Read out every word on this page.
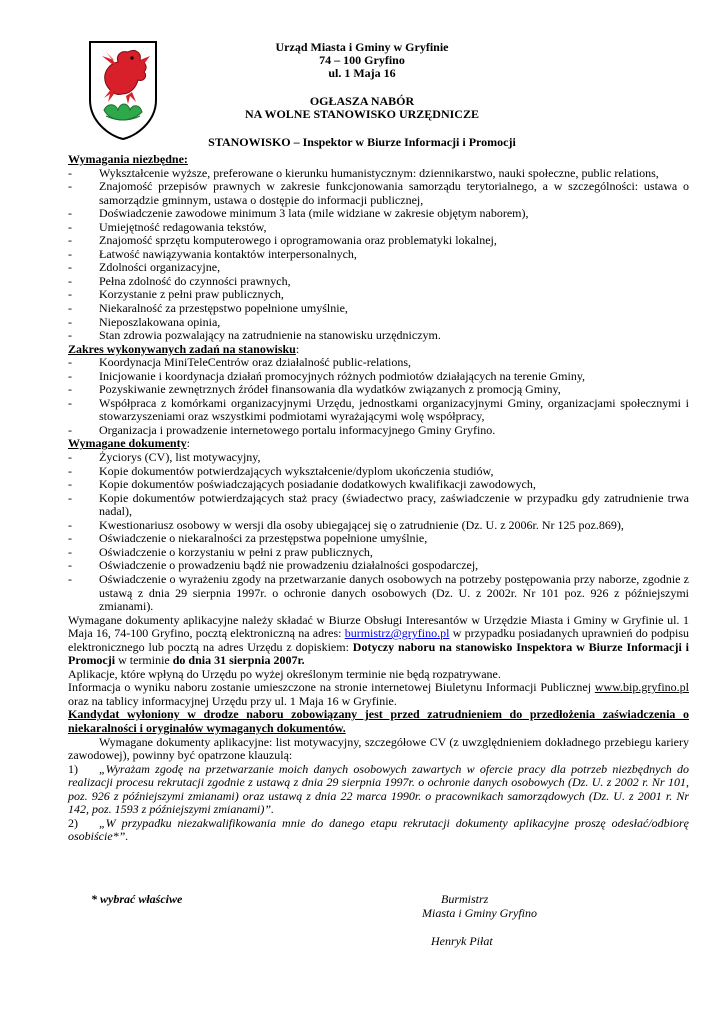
Urząd Miasta i Gminy w Gryfinie
74 – 100 Gryfino
ul. 1 Maja 16
OGŁASZA NABÓR
NA WOLNE STANOWISKO URZĘDNICZE
STANOWISKO – Inspektor w Biurze Informacji i Promocji
Wymagania niezbędne:
- Wykształcenie wyższe, preferowane o kierunku humanistycznym: dziennikarstwo, nauki społeczne, public relations,
- Znajomość przepisów prawnych w zakresie funkcjonowania samorządu terytorialnego, a w szczególności: ustawa o samorządzie gminnym, ustawa o dostępie do informacji publicznej,
- Doświadczenie zawodowe minimum 3 lata (mile widziane w zakresie objętym naborem),
- Umiejętność redagowania tekstów,
- Znajomość sprzętu komputerowego i oprogramowania oraz problematyki lokalnej,
- Łatwość nawiązywania kontaktów interpersonalnych,
- Zdolności organizacyjne,
- Pełna zdolność do czynności prawnych,
- Korzystanie z pełni praw publicznych,
- Niekaralność za przestępstwo popełnione umyślnie,
- Nieposzlakowana opinia,
- Stan zdrowia pozwalający na zatrudnienie na stanowisku urzędniczym.
Zakres wykonywanych zadań na stanowisku:
- Koordynacja MiniTeleCentrów oraz działalność public-relations,
- Inicjowanie i koordynacja działań promocyjnych różnych podmiotów działających na terenie Gminy,
- Pozyskiwanie zewnętrznych źródeł finansowania dla wydatków związanych z promocją Gminy,
- Współpraca z komórkami organizacyjnymi Urzędu, jednostkami organizacyjnymi Gminy, organizacjami społecznymi i stowarzyszeniami oraz wszystkimi podmiotami wyrażającymi wolę współpracy,
- Organizacja i prowadzenie internetowego portalu informacyjnego Gminy Gryfino.
Wymagane dokumenty:
- Życiorys (CV), list motywacyjny,
- Kopie dokumentów potwierdzających wykształcenie/dyplom ukończenia studiów,
- Kopie dokumentów poświadczających posiadanie dodatkowych kwalifikacji zawodowych,
- Kopie dokumentów potwierdzających staż pracy (świadectwo pracy, zaświadczenie w przypadku gdy zatrudnienie trwa nadal),
- Kwestionariusz osobowy w wersji dla osoby ubiegającej się o zatrudnienie (Dz. U. z 2006r. Nr 125 poz.869),
- Oświadczenie o niekaralności za przestępstwa popełnione umyślnie,
- Oświadczenie o korzystaniu w pełni z praw publicznych,
- Oświadczenie o prowadzeniu bądź nie prowadzeniu działalności gospodarczej,
- Oświadczenie o wyrażeniu zgody na przetwarzanie danych osobowych na potrzeby postępowania przy naborze, zgodnie z ustawą z dnia 29 sierpnia 1997r. o ochronie danych osobowych (Dz. U. z 2002r. Nr 101 poz. 926 z późniejszymi zmianami).
Wymagane dokumenty aplikacyjne należy składać w Biurze Obsługi Interesantów w Urzędzie Miasta i Gminy w Gryfinie ul. 1 Maja 16, 74-100 Gryfino, pocztą elektroniczną na adres: burmistrz@gryfino.pl w przypadku posiadanych uprawnień do podpisu elektronicznego lub pocztą na adres Urzędu z dopiskiem: Dotyczy naboru na stanowisko Inspektora w Biurze Informacji i Promocji w terminie do dnia 31 sierpnia 2007r.
Aplikacje, które wpłyną do Urzędu po wyżej określonym terminie nie będą rozpatrywane.
Informacja o wyniku naboru zostanie umieszczone na stronie internetowej Biuletynu Informacji Publicznej www.bip.gryfino.pl oraz na tablicy informacyjnej Urzędu przy ul. 1 Maja 16 w Gryfinie.
Kandydat wyłoniony w drodze naboru zobowiązany jest przed zatrudnieniem do przedłożenia zaświadczenia o niekaralności i oryginałów wymaganych dokumentów.
Wymagane dokumenty aplikacyjne: list motywacyjny, szczegółowe CV (z uwzględnieniem dokładnego przebiegu kariery zawodowej), powinny być opatrzone klauzulą:
1) „Wyrażam zgodę na przetwarzanie moich danych osobowych zawartych w ofercie pracy dla potrzeb niezbędnych do realizacji procesu rekrutacji zgodnie z ustawą z dnia 29 sierpnia 1997r. o ochronie danych osobowych (Dz. U. z 2002 r. Nr 101, poz. 926 z późniejszymi zmianami) oraz ustawą z dnia 22 marca 1990r. o pracownikach samorządowych (Dz. U. z 2001 r. Nr 142, poz. 1593 z późniejszymi zmianami)”.
2) „W przypadku niezakwalifikowania mnie do danego etapu rekrutacji dokumenty aplikacyjne proszę odesłać/odbiorę osobiście*”.
* wybrać właściwe	Burmistrz
Miasta i Gminy Gryfino
Henryk Piłat
